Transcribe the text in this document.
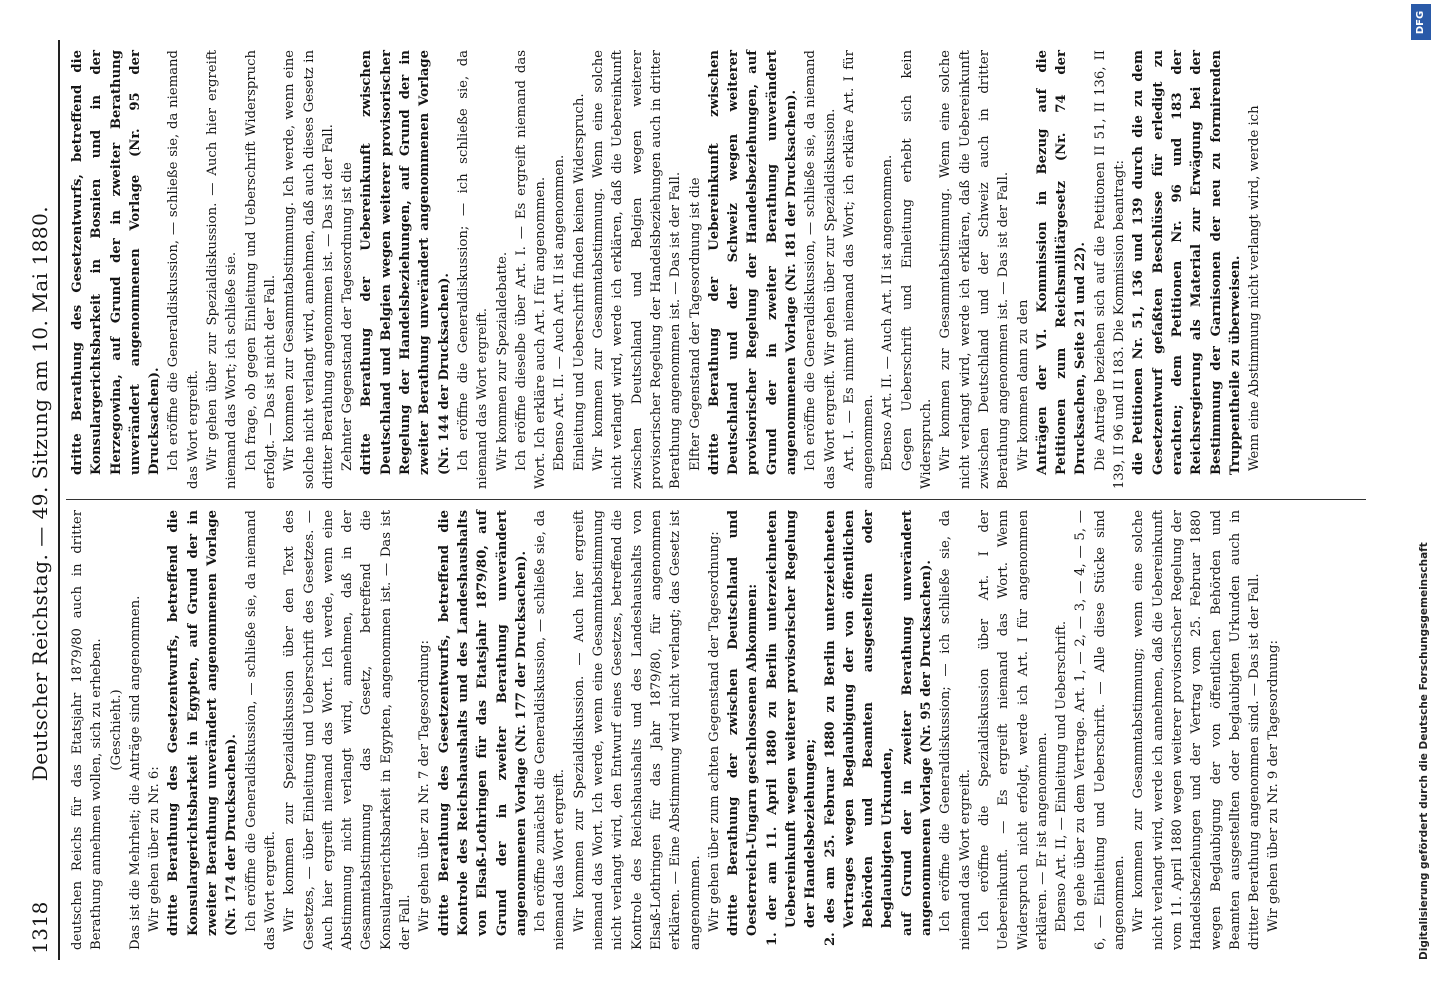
1318
Deutscher Reichstag. — 49. Sitzung am 10. Mai 1880. deutschen Reichs für das Etatsjahr 1879/80 auch in dritter Berathung annehmen wollen, sich zu erheben. (Geschieht.) Das ist die Mehrheit; die Anträge sind angenommen. Wir gehen über zu Nr. 6: dritte Berathung des Gesetzentwurfs, betreffend die Konsulargerichtsbarkeit in Egypten, auf Grund der in zweiter Berathung unverändert angenommenen Vorlage (Nr. 174 der Drucksachen). Ich eröffne die Generaldiskussion, — schließe sie, da niemand das Wort ergreift. Wir kommen zur Spezialdiskussion über den Text des Gesetzes, — über Einleitung und Ueberschrift des Gesetzes. — Auch hier ergreift niemand das Wort. Ich werde, wenn eine Abstimmung nicht verlangt wird, annehmen, daß in der Gesammtabstimmung das Gesetz, betreffend die Konsulargerichtsbarkeit in Egypten, angenommen ist. — Das ist der Fall. Wir gehen über zu Nr. 7 der Tagesordnung: dritte Berathung des Gesetzentwurfs, betreffend die Kontrole des Reichshaushalts und des Landeshaushalts von Elsaß-Lothringen für das Etatsjahr 1879/80, auf Grund der in zweiter Berathung unverändert angenommenen Vorlage (Nr. 177 der Drucksachen). Ich eröffne zunächst die Generaldiskussion, — schließe sie, da niemand das Wort ergreift. Wir kommen zur Spezialdiskussion. — Auch hier ergreift niemand das Wort. Ich werde, wenn eine Gesammtabstimmung nicht verlangt wird, den Entwurf eines Gesetzes, betreffend die Kontrole des Reichshaushalts und des Landeshaushalts von Elsaß-Lothringen für das Jahr 1879/80, für angenommen erklären. — Eine Abstimmung wird nicht verlangt; das Gesetz ist angenommen. Wir gehen über zum achten Gegenstand der Tagesordnung: dritte Berathung der zwischen Deutschland und Oesterreich-Ungarn geschlossenen Abkommen: 1. der am 11. April 1880 zu Berlin unterzeichneten Uebereinkunft wegen weiterer provisorischer Regelung der Handelsbeziehungen; 2. des am 25. Februar 1880 zu Berlin unterzeichneten Vertrages wegen Beglaubigung der von öffentlichen Behörden und Beamten ausgestellten oder beglaubigten Urkunden, auf Grund der in zweiter Berathung unverändert angenommenen Vorlage (Nr. 95 der Drucksachen). Ich eröffne die Generaldiskussion; — ich schließe sie, da niemand das Wort ergreift. Ich eröffne die Spezialdiskussion über Art. I der Uebereinkunft. — Es ergreift niemand das Wort. Wenn Widerspruch nicht erfolgt, werde ich Art. I für angenommen erklären. — Er ist angenommen. Ebenso Art. II, — Einleitung und Ueberschrift. Ich gehe über zu dem Vertrage. Art. 1, — 2, — 3, — 4, — 5, — 6, — Einleitung und Ueberschrift. — Alle diese Stücke sind angenommen. Wir kommen zur Gesammtabstimmung; wenn eine solche nicht verlangt wird, werde ich annehmen, daß die Uebereinkunft vom 11. April 1880 wegen weiterer provisorischer Regelung der Handelsbeziehungen und der Vertrag vom 25. Februar 1880 wegen Beglaubigung der von öffentlichen Behörden und Beamten ausgestellten oder beglaubigten Urkunden auch in dritter Berathung angenommen sind. — Das ist der Fall. Wir gehen über zu Nr. 9 der Tagesordnung:

dritte Berathung des Gesetzentwurfs, betreffend die Konsulargerichtsbarkeit in Bosnien und in der Herzegowina, auf Grund der in zweiter Berathung unverändert angenommenen Vorlage (Nr. 95 der Drucksachen). Ich eröffne die Generaldiskussion, — schließe sie, da niemand das Wort ergreift. Wir gehen über zur Spezialdiskussion. — Auch hier ergreift niemand das Wort; ich schließe sie. Ich frage, ob gegen Einleitung und Ueberschrift Widerspruch erfolgt. — Das ist nicht der Fall. Wir kommen zur Gesammtabstimmung. Ich werde, wenn eine solche nicht verlangt wird, annehmen, daß auch dieses Gesetz in dritter Berathung angenommen ist. — Das ist der Fall. Zehnter Gegenstand der Tagesordnung ist die dritte Berathung der Uebereinkunft zwischen Deutschland und Belgien wegen weiterer provisorischer Regelung der Handelsbeziehungen, auf Grund der in zweiter Berathung unverändert angenommenen Vorlage (Nr. 144 der Drucksachen). Ich eröffne die Generaldiskussion; — ich schließe sie, da niemand das Wort ergreift. Wir kommen zur Spezialdebatte. Ich eröffne dieselbe über Art. I. — Es ergreift niemand das Wort. Ich erkläre auch Art. I für angenommen. Ebenso Art. II. — Auch Art. II ist angenommen. Einleitung und Ueberschrift finden keinen Widerspruch. Wir kommen zur Gesammtabstimmung. Wenn eine solche nicht verlangt wird, werde ich erklären, daß die Uebereinkunft zwischen Deutschland und Belgien wegen weiterer provisorischer Regelung der Handelsbeziehungen auch in dritter Berathung angenommen ist. — Das ist der Fall. Elfter Gegenstand der Tagesordnung ist die dritte Berathung der Uebereinkunft zwischen Deutschland und der Schweiz wegen weiterer provisorischer Regelung der Handelsbeziehungen, auf Grund der in zweiter Berathung unverändert angenommenen Vorlage (Nr. 181 der Drucksachen). Ich eröffne die Generaldiskussion, — schließe sie, da niemand das Wort ergreift. Wir gehen über zur Spezialdiskussion. Art. I. — Es nimmt niemand das Wort; ich erkläre Art. I für angenommen. Ebenso Art. II. — Auch Art. II ist angenommen. Gegen Ueberschrift und Einleitung erhebt sich kein Widerspruch. Wir kommen zur Gesammtabstimmung. Wenn eine solche nicht verlangt wird, werde ich erklären, daß die Uebereinkunft zwischen Deutschland und der Schweiz auch in dritter Berathung angenommen ist. — Das ist der Fall. Wir kommen dann zu den Anträgen der VI. Kommission in Bezug auf die Petitionen zum Reichsmilitärgesetz (Nr. 74 der Drucksachen, Seite 21 und 22). Die Anträge beziehen sich auf die Petitionen II 51, II 136, II 139, II 96 und II 183. Die Kommission beantragt: die Petitionen Nr. 51, 136 und 139 durch die zu dem Gesetzentwurf gefaßten Beschlüsse für erledigt zu erachten; dem Petitionen Nr. 96 und 183 der Reichsregierung als Material zur Erwägung bei der Bestimmung der Garnisonen der neu zu formirenden Truppentheile zu überweisen. Wenn eine Abstimmung nicht verlangt wird, werde ich

DFG
Digitalisierung gefördert durch die Deutsche Forschungsgemeinschaft
